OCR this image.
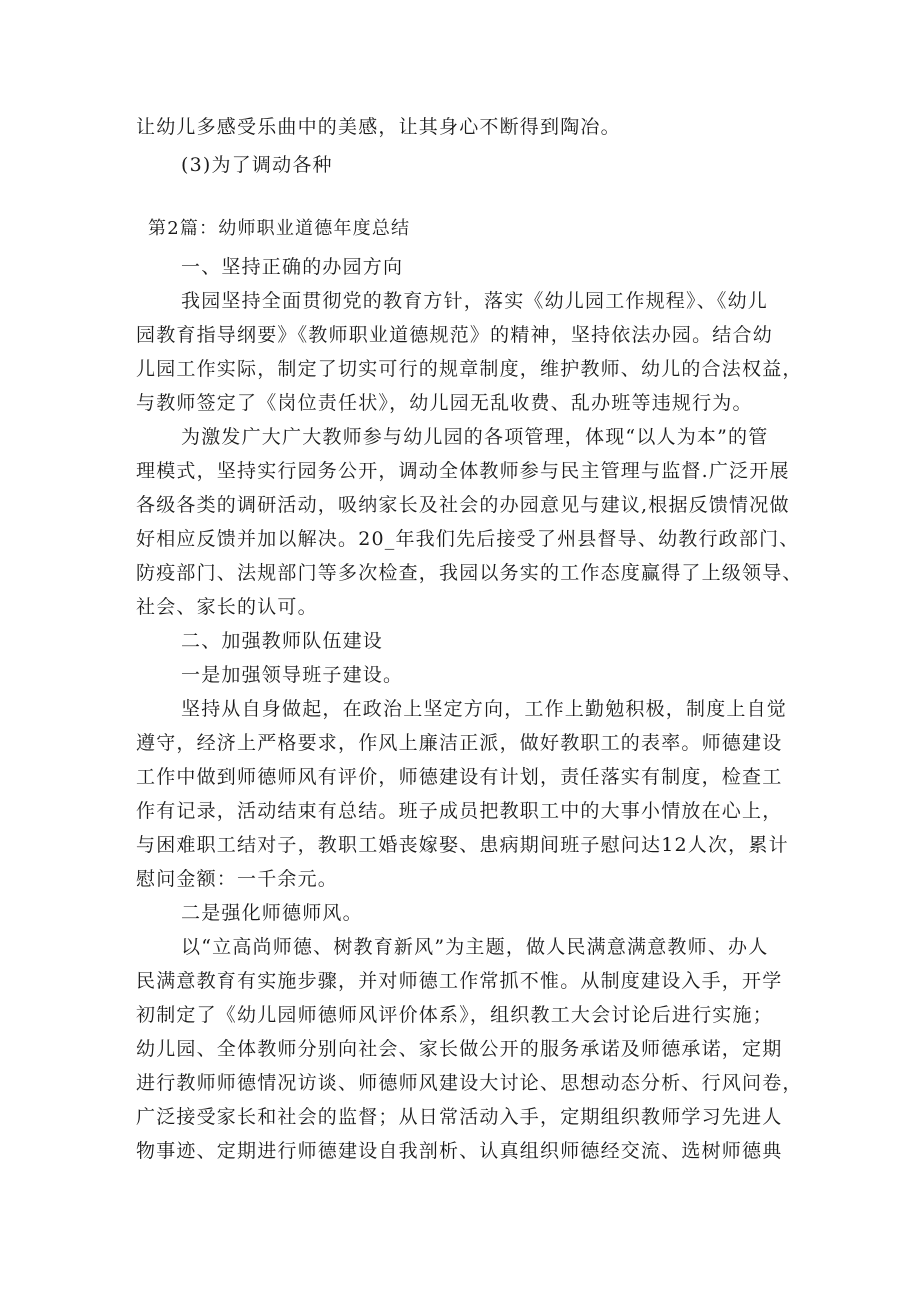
让幼儿多感受乐曲中的美感，让其身心不断得到陶冶。
(3)为了调动各种
第2篇：幼师职业道德年度总结
一、坚持正确的办园方向
我园坚持全面贯彻党的教育方针，落实《幼儿园工作规程》、《幼儿
园教育指导纲要》《教师职业道德规范》的精神，坚持依法办园。结合幼
儿园工作实际，制定了切实可行的规章制度，维护教师、幼儿的合法权益，
与教师签定了《岗位责任状》，幼儿园无乱收费、乱办班等违规行为。
为激发广大广大教师参与幼儿园的各项管理，体现“以人为本”的管
理模式，坚持实行园务公开，调动全体教师参与民主管理与监督.广泛开展
各级各类的调研活动，吸纳家长及社会的办园意见与建议,根据反馈情况做
好相应反馈并加以解决。20_年我们先后接受了州县督导、幼教行政部门、
防疫部门、法规部门等多次检查，我园以务实的工作态度赢得了上级领导、
社会、家长的认可。
二、加强教师队伍建设
一是加强领导班子建设。
坚持从自身做起，在政治上坚定方向，工作上勤勉积极，制度上自觉
遵守，经济上严格要求，作风上廉洁正派，做好教职工的表率。师德建设
工作中做到师德师风有评价，师德建设有计划，责任落实有制度，检查工
作有记录，活动结束有总结。班子成员把教职工中的大事小情放在心上，
与困难职工结对子，教职工婚丧嫁娶、患病期间班子慰问达12人次，累计
慰问金额：一千余元。
二是强化师德师风。
以“立高尚师德、树教育新风”为主题，做人民满意满意教师、办人
民满意教育有实施步骤，并对师德工作常抓不惟。从制度建设入手，开学
初制定了《幼儿园师德师风评价体系》，组织教工大会讨论后进行实施；
幼儿园、全体教师分别向社会、家长做公开的服务承诺及师德承诺，定期
进行教师师德情况访谈、师德师风建设大讨论、思想动态分析、行风问卷，
广泛接受家长和社会的监督；从日常活动入手，定期组织教师学习先进人
物事迹、定期进行师德建设自我剖析、认真组织师德经交流、选树师德典
